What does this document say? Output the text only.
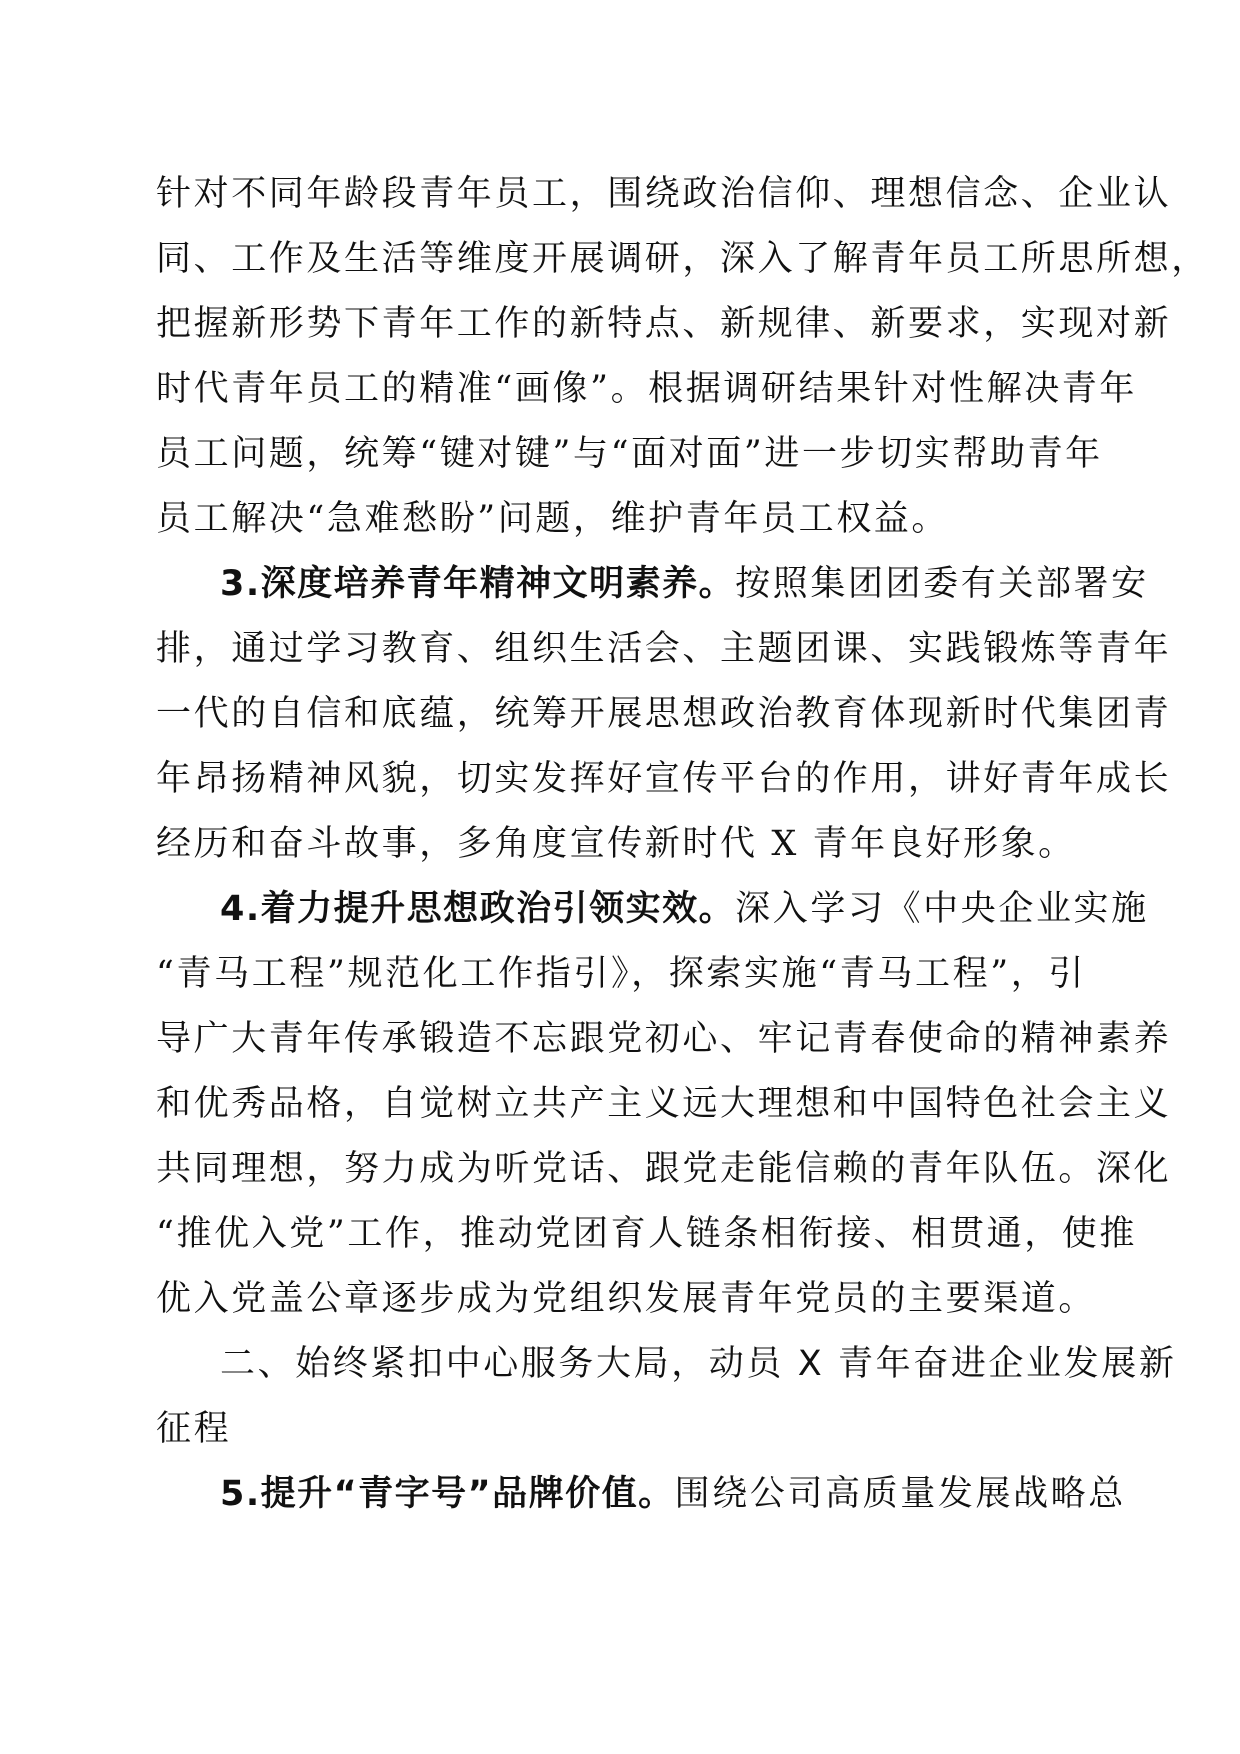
针对不同年龄段青年员工，围绕政治信仰、理想信念、企业认

同、工作及生活等维度开展调研，深入了解青年员工所思所想，

把握新形势下青年工作的新特点、新规律、新要求，实现对新

时代青年员工的精准“画像”。根据调研结果针对性解决青年

员工问题，统筹“键对键”与“面对面”进一步切实帮助青年

员工解决“急难愁盼”问题，维护青年员工权益。

3.深度培养青年精神文明素养。按照集团团委有关部署安

排，通过学习教育、组织生活会、主题团课、实践锻炼等青年

一代的自信和底蕴，统筹开展思想政治教育体现新时代集团青

年昂扬精神风貌，切实发挥好宣传平台的作用，讲好青年成长

经历和奋斗故事，多角度宣传新时代 X 青年良好形象。

4.着力提升思想政治引领实效。深入学习《中央企业实施

“青马工程”规范化工作指引》，探索实施“青马工程”，引

导广大青年传承锻造不忘跟党初心、牢记青春使命的精神素养

和优秀品格，自觉树立共产主义远大理想和中国特色社会主义

共同理想，努力成为听党话、跟党走能信赖的青年队伍。深化

“推优入党”工作，推动党团育人链条相衔接、相贯通，使推

优入党盖公章逐步成为党组织发展青年党员的主要渠道。

二、始终紧扣中心服务大局，动员 X 青年奋进企业发展新

征程

5.提升“青字号”品牌价值。围绕公司高质量发展战略总
